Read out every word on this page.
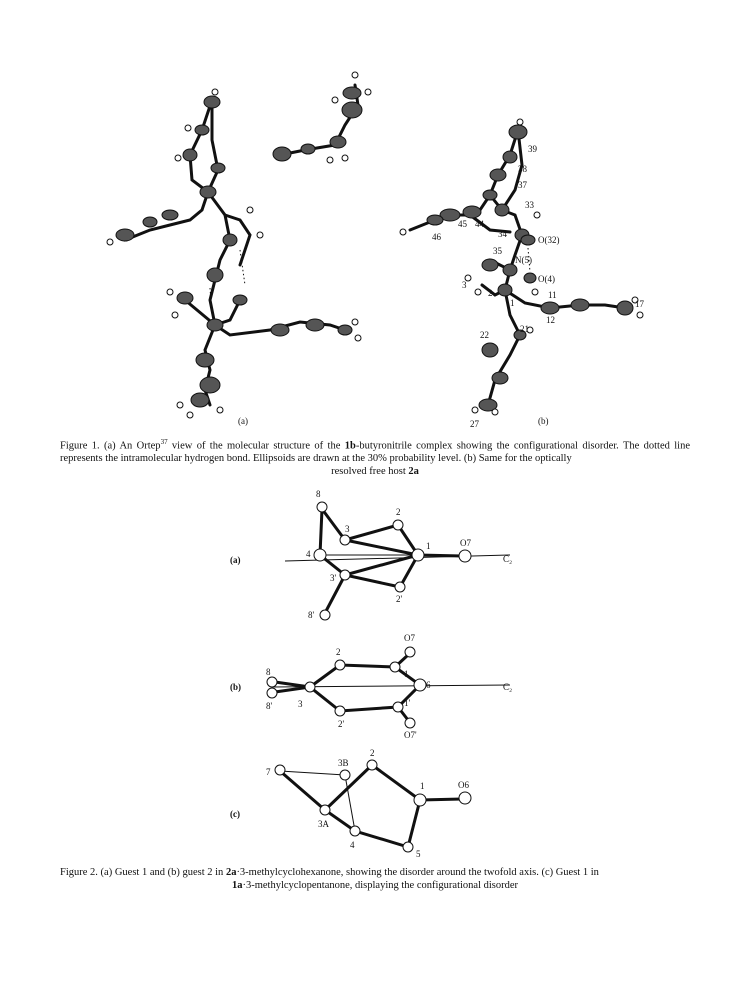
(a)
39
38
37
33
45 44
34
46	O(32)
35
N(5)
O(4)
3
2
1
11
12
17
22
21
27	(b)
Figure 1. (a) An Ortep$^{37}$ view of the molecular structure of the 1b-butyronitrile complex showing the configurational disorder. The dotted line represents the intramolecular hydrogen bond. Ellipsoids are drawn at the 30% probability level. (b) Same for the optically
resolved free host 2a
(a)
8
2
3
4
1	O7
C₂
3'
2'
8'
(b)
O7
2
1
8
6	C₂
8'	3	1'
2'
O7'
(c)
7
3B
2
1	O6
3A
4
5
Figure 2. (a) Guest 1 and (b) guest 2 in 2a·3-methylcyclohexanone, showing the disorder around the twofold axis. (c) Guest 1 in
1a·3-methylcyclopentanone, displaying the configurational disorder
